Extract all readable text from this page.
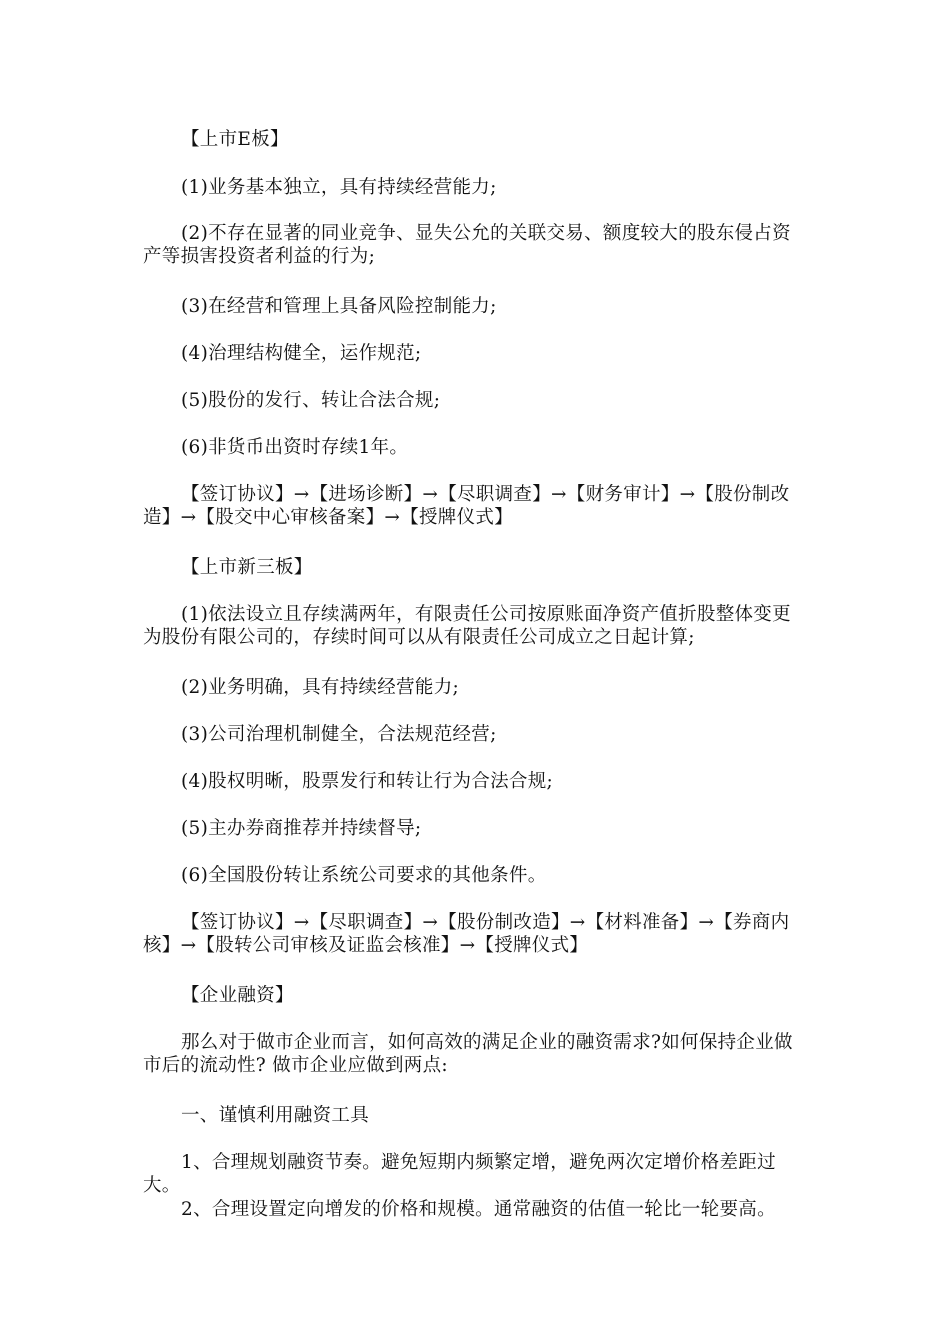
【上市E板】

(1)业务基本独立，具有持续经营能力;

(2)不存在显著的同业竞争、显失公允的关联交易、额度较大的股东侵占资产等损害投资者利益的行为;

(3)在经营和管理上具备风险控制能力;

(4)治理结构健全，运作规范;

(5)股份的发行、转让合法合规;

(6)非货币出资时存续1年。

【签订协议】→【进场诊断】→【尽职调查】→【财务审计】→【股份制改造】→【股交中心审核备案】→【授牌仪式】

【上市新三板】

(1)依法设立且存续满两年，有限责任公司按原账面净资产值折股整体变更为股份有限公司的，存续时间可以从有限责任公司成立之日起计算;

(2)业务明确，具有持续经营能力;

(3)公司治理机制健全，合法规范经营;

(4)股权明晰，股票发行和转让行为合法合规;

(5)主办券商推荐并持续督导;

(6)全国股份转让系统公司要求的其他条件。

【签订协议】→【尽职调查】→【股份制改造】→【材料准备】→【券商内核】→【股转公司审核及证监会核准】→【授牌仪式】

【企业融资】

那么对于做市企业而言，如何高效的满足企业的融资需求?如何保持企业做市后的流动性? 做市企业应做到两点:

一、谨慎利用融资工具

1、合理规划融资节奏。避免短期内频繁定增，避免两次定增价格差距过大。

2、合理设置定向增发的价格和规模。通常融资的估值一轮比一轮要高。
